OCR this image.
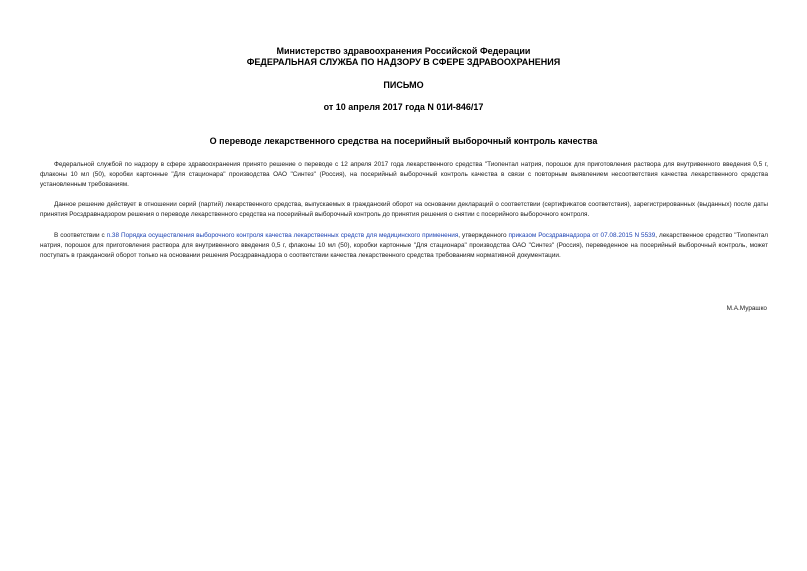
Министерство здравоохранения Российской Федерации
ФЕДЕРАЛЬНАЯ СЛУЖБА ПО НАДЗОРУ В СФЕРЕ ЗДРАВООХРАНЕНИЯ
ПИСЬМО
от 10 апреля 2017 года N 01И-846/17
О переводе лекарственного средства на посерийный выборочный контроль качества

Федеральной службой по надзору в сфере здравоохранения принято решение о переводе с 12 апреля 2017 года лекарственного средства "Тиопентал натрия, порошок для приготовления раствора для внутривенного введения 0,5 г, флаконы 10 мл (50), коробки картонные "Для стационара" производства ОАО "Синтез" (Россия), на посерийный выборочный контроль качества в связи с повторным выявлением несоответствия качества лекарственного средства установленным требованиям.

Данное решение действует в отношении серий (партий) лекарственного средства, выпускаемых в гражданский оборот на основании деклараций о соответствии (сертификатов соответствия), зарегистрированных (выданных) после даты принятия Росздравнадзором решения о переводе лекарственного средства на посерийный выборочный контроль до принятия решения о снятии с посерийного выборочного контроля.

В соответствии с п.38 Порядка осуществления выборочного контроля качества лекарственных средств для медицинского применения, утвержденного приказом Росздравнадзора от 07.08.2015 N 5539, лекарственное средство "Тиопентал натрия, порошок для приготовления раствора для внутривенного введения 0,5 г, флаконы 10 мл (50), коробки картонные "Для стационара" производства ОАО "Синтез" (Россия), переведенное на посерийный выборочный контроль, может поступать в гражданский оборот только на основании решения Росздравнадзора о соответствии качества лекарственного средства требованиям нормативной документации.

М.А.Мурашко
